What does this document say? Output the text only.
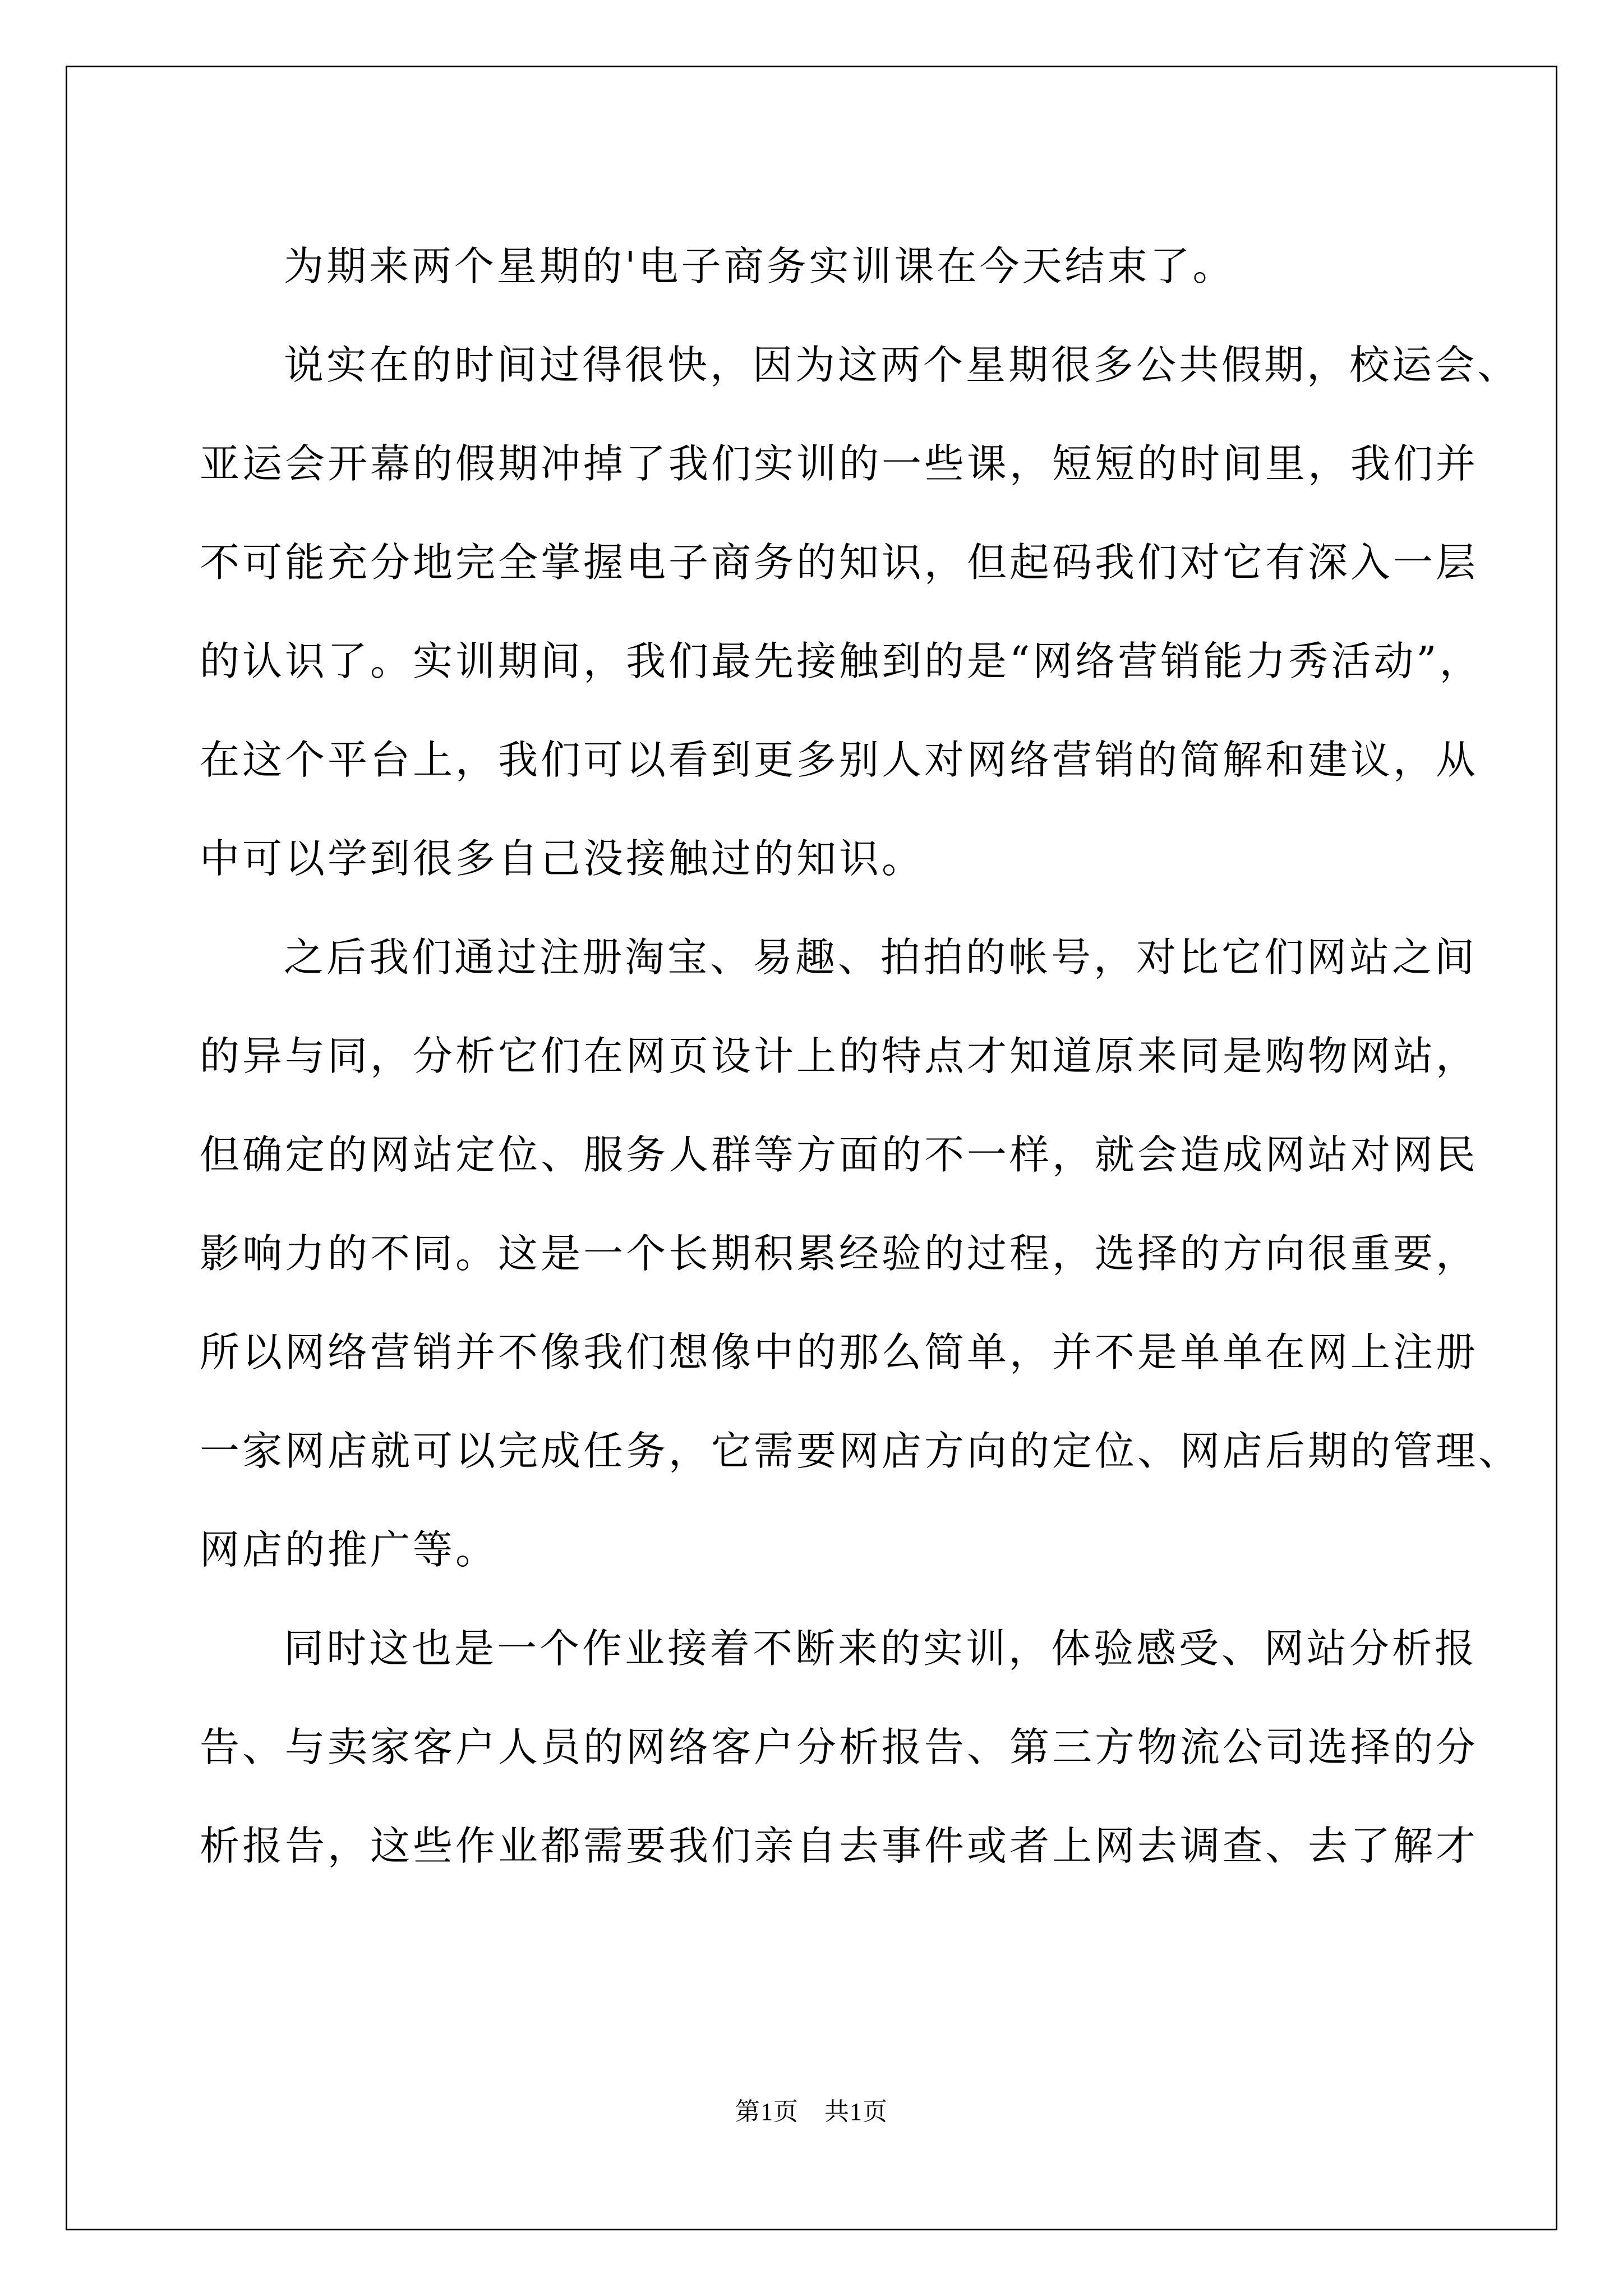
为期来两个星期的'电子商务实训课在今天结束了。
说实在的时间过得很快，因为这两个星期很多公共假期，校运会、
亚运会开幕的假期冲掉了我们实训的一些课，短短的时间里，我们并
不可能充分地完全掌握电子商务的知识，但起码我们对它有深入一层
的认识了。实训期间，我们最先接触到的是“网络营销能力秀活动”，
在这个平台上，我们可以看到更多别人对网络营销的简解和建议，从
中可以学到很多自己没接触过的知识。
之后我们通过注册淘宝、易趣、拍拍的帐号，对比它们网站之间
的异与同，分析它们在网页设计上的特点才知道原来同是购物网站，
但确定的网站定位、服务人群等方面的不一样，就会造成网站对网民
影响力的不同。这是一个长期积累经验的过程，选择的方向很重要，
所以网络营销并不像我们想像中的那么简单，并不是单单在网上注册
一家网店就可以完成任务，它需要网店方向的定位、网店后期的管理、
网店的推广等。
同时这也是一个作业接着不断来的实训，体验感受、网站分析报
告、与卖家客户人员的网络客户分析报告、第三方物流公司选择的分
析报告，这些作业都需要我们亲自去事件或者上网去调查、去了解才
第1页 共1页
